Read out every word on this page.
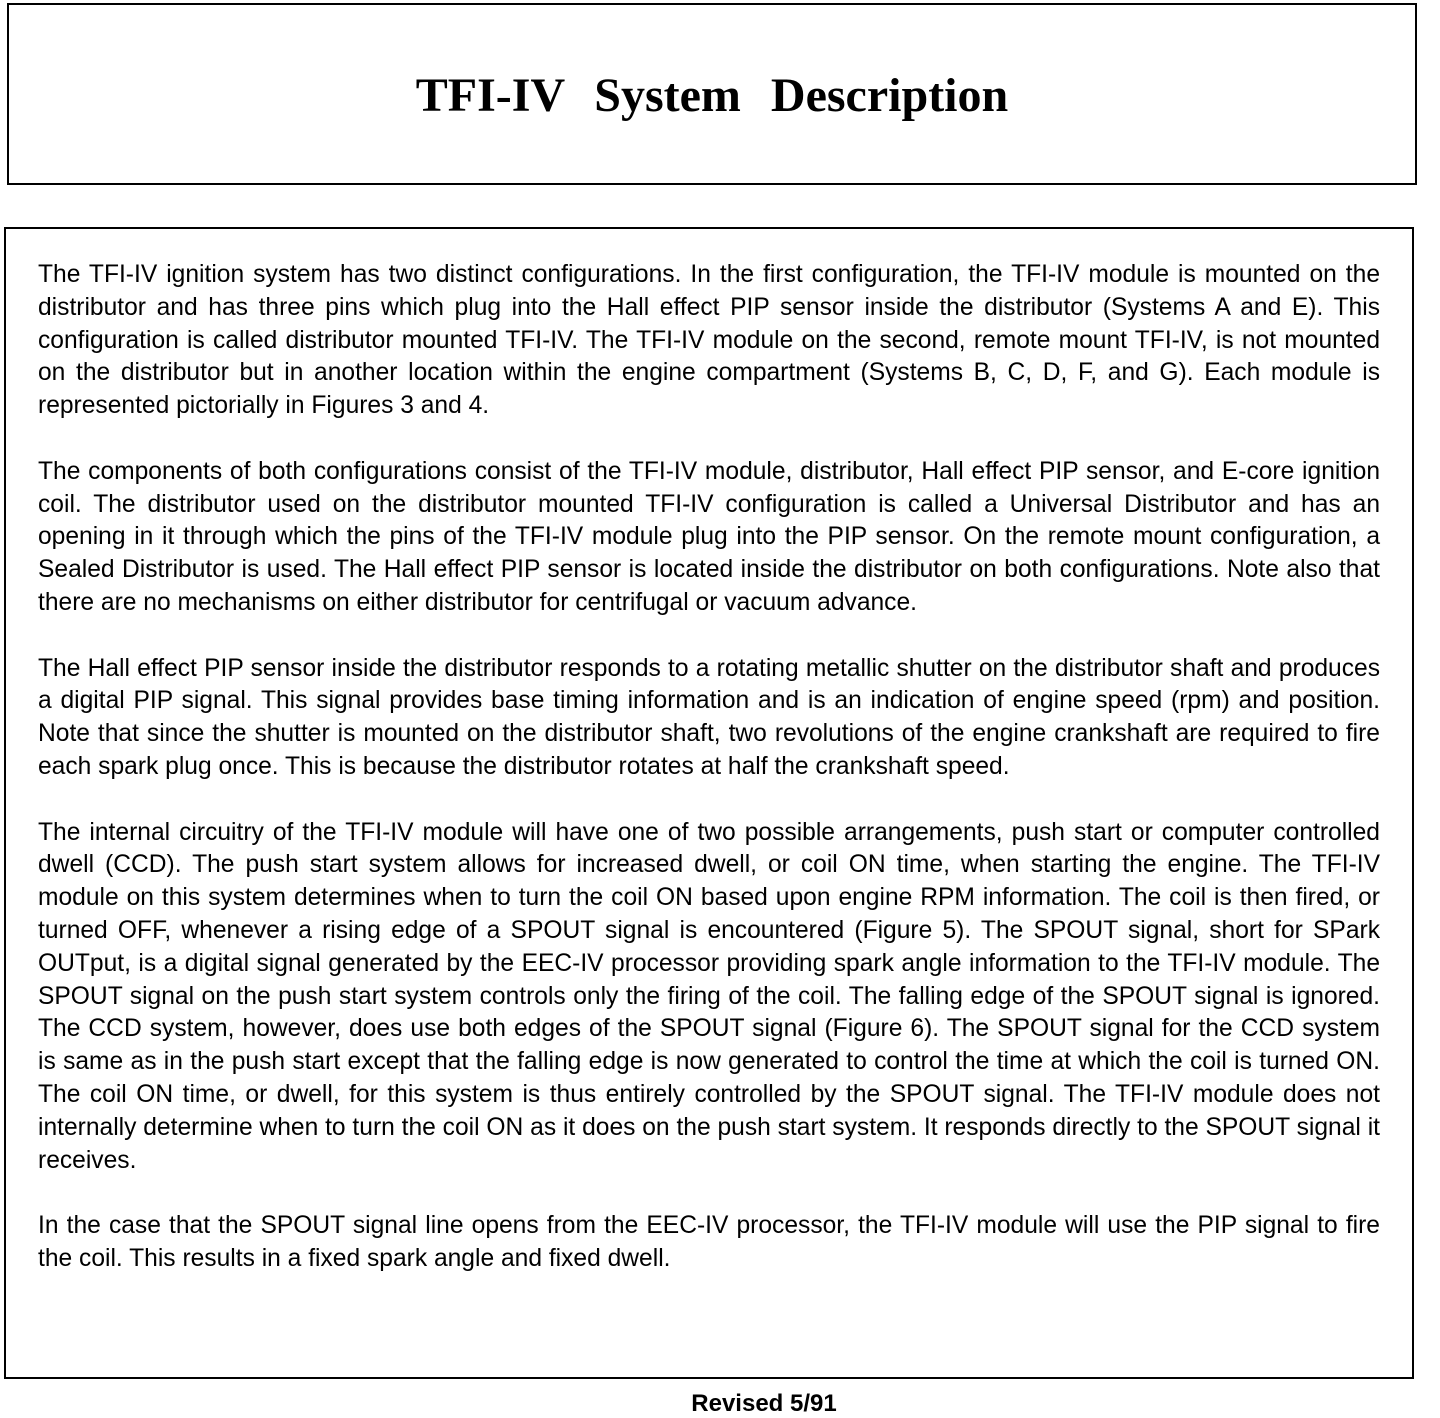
TFI-IV System Description

The TFI-IV ignition system has two distinct configurations. In the first configuration, the TFI-IV module is mounted on the distributor and has three pins which plug into the Hall effect PIP sensor inside the distributor (Systems A and E). This configuration is called distributor mounted TFI-IV. The TFI-IV module on the second, remote mount TFI-IV, is not mounted on the distributor but in another location within the engine compartment (Systems B, C, D, F, and G). Each module is represented pictorially in Figures 3 and 4.

The components of both configurations consist of the TFI-IV module, distributor, Hall effect PIP sensor, and E-core ignition coil. The distributor used on the distributor mounted TFI-IV configuration is called a Universal Distributor and has an opening in it through which the pins of the TFI-IV module plug into the PIP sensor. On the remote mount configuration, a Sealed Distributor is used. The Hall effect PIP sensor is located inside the distributor on both configurations. Note also that there are no mechanisms on either distributor for centrifugal or vacuum advance.

The Hall effect PIP sensor inside the distributor responds to a rotating metallic shutter on the distributor shaft and produces a digital PIP signal. This signal provides base timing information and is an indication of engine speed (rpm) and position. Note that since the shutter is mounted on the distributor shaft, two revolutions of the engine crankshaft are required to fire each spark plug once. This is because the distributor rotates at half the crankshaft speed.

The internal circuitry of the TFI-IV module will have one of two possible arrangements, push start or computer controlled dwell (CCD). The push start system allows for increased dwell, or coil ON time, when starting the engine. The TFI-IV module on this system determines when to turn the coil ON based upon engine RPM information. The coil is then fired, or turned OFF, whenever a rising edge of a SPOUT signal is encountered (Figure 5). The SPOUT signal, short for SPark OUTput, is a digital signal generated by the EEC-IV processor providing spark angle information to the TFI-IV module. The SPOUT signal on the push start system controls only the firing of the coil. The falling edge of the SPOUT signal is ignored. The CCD system, however, does use both edges of the SPOUT signal (Figure 6). The SPOUT signal for the CCD system is same as in the push start except that the falling edge is now generated to control the time at which the coil is turned ON. The coil ON time, or dwell, for this system is thus entirely controlled by the SPOUT signal. The TFI-IV module does not internally determine when to turn the coil ON as it does on the push start system. It responds directly to the SPOUT signal it receives.

In the case that the SPOUT signal line opens from the EEC-IV processor, the TFI-IV module will use the PIP signal to fire the coil. This results in a fixed spark angle and fixed dwell.

Revised 5/91
